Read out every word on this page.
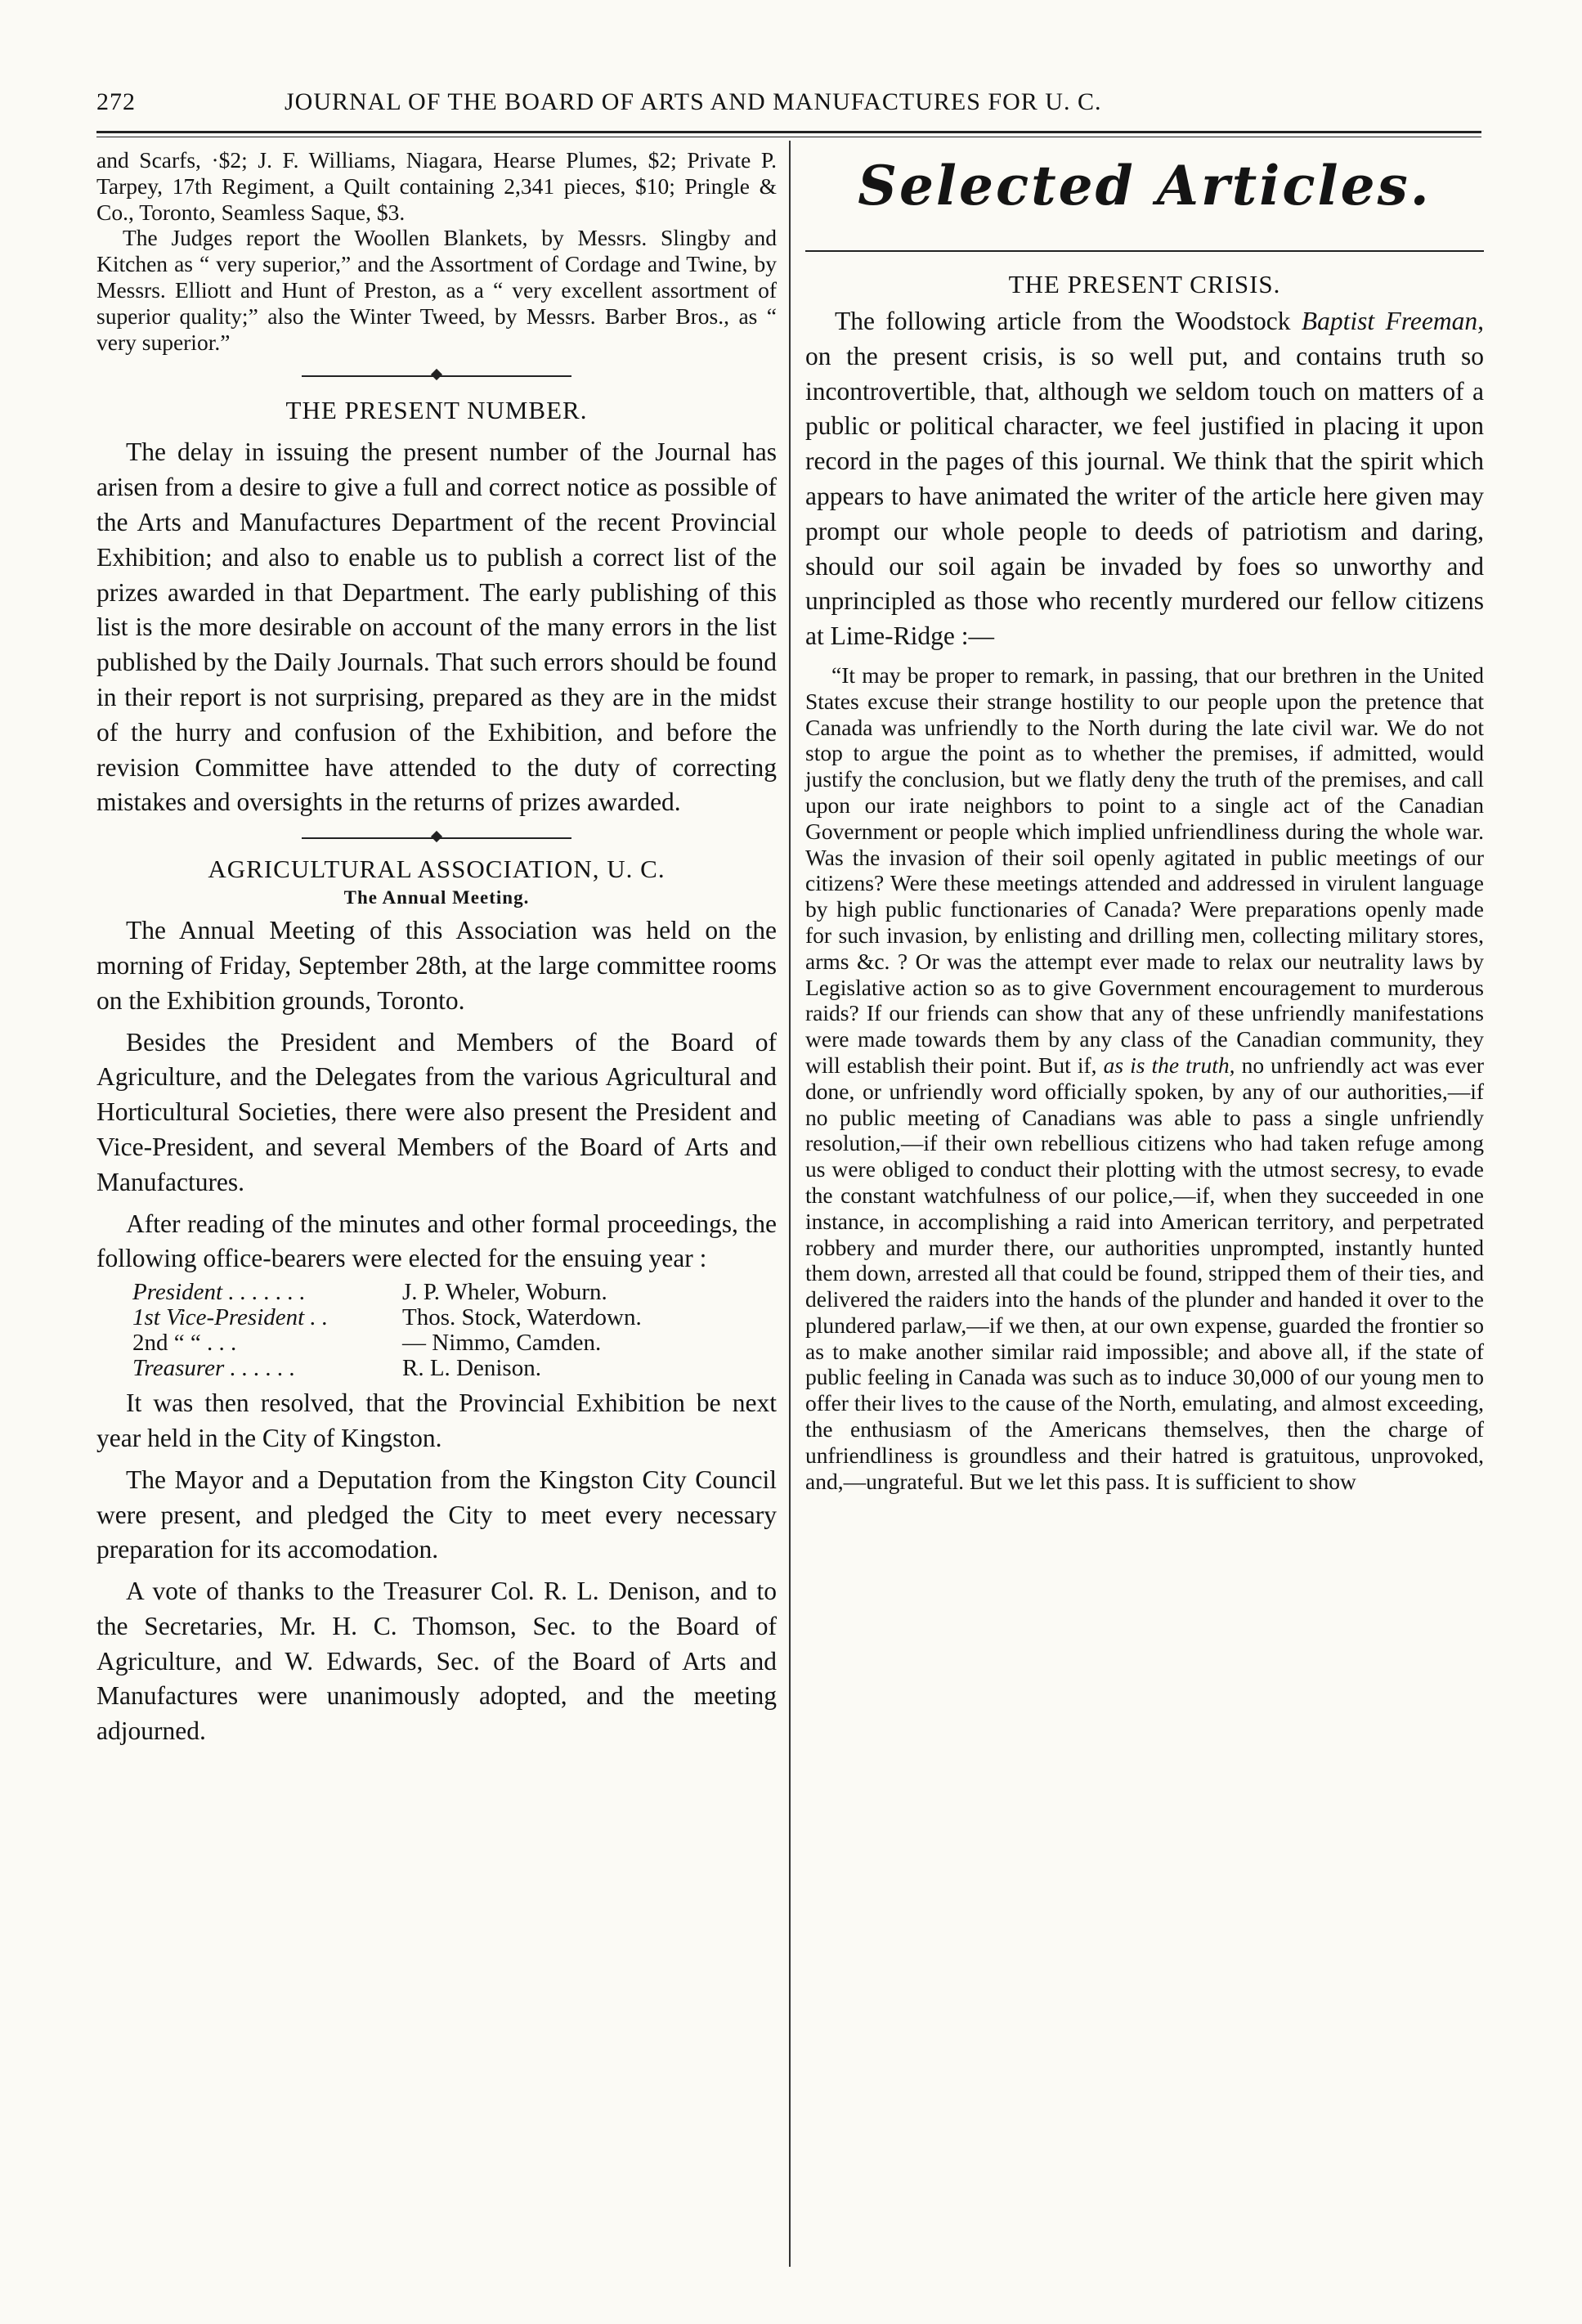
272	JOURNAL OF THE BOARD OF ARTS AND MANUFACTURES FOR U. C.

and Scarfs, ·$2; J. F. Williams, Niagara, Hearse Plumes, $2; Private P. Tarpey, 17th Regiment, a Quilt containing 2,341 pieces, $10; Pringle & Co., Toronto, Seamless Saque, $3.

The Judges report the Woollen Blankets, by Messrs. Slingby and Kitchen as “ very superior,” and the Assortment of Cordage and Twine, by Messrs. Elliott and Hunt of Preston, as a “ very excellent assortment of superior quality;” also the Winter Tweed, by Messrs. Barber Bros., as “ very superior.”

THE PRESENT NUMBER.

The delay in issuing the present number of the Journal has arisen from a desire to give a full and correct notice as possible of the Arts and Manufactures Department of the recent Provincial Exhibition; and also to enable us to publish a correct list of the prizes awarded in that Department. The early publishing of this list is the more desirable on account of the many errors in the list published by the Daily Journals. That such errors should be found in their report is not surprising, prepared as they are in the midst of the hurry and confusion of the Exhibition, and before the revision Committee have attended to the duty of correcting mistakes and oversights in the returns of prizes awarded.

AGRICULTURAL ASSOCIATION, U. C.

The Annual Meeting.

The Annual Meeting of this Association was held on the morning of Friday, September 28th, at the large committee rooms on the Exhibition grounds, Toronto.

Besides the President and Members of the Board of Agriculture, and the Delegates from the various Agricultural and Horticultural Societies, there were also present the President and Vice-President, and several Members of the Board of Arts and Manufactures.

After reading of the minutes and other formal proceedings, the following office-bearers were elected for the ensuing year :

President . . . . . . .	J. P. Wheler, Woburn.
1st Vice-President . .	Thos. Stock, Waterdown.
2nd “ “ . . .	— Nimmo, Camden.
Treasurer . . . . . .	R. L. Denison.

It was then resolved, that the Provincial Exhibition be next year held in the City of Kingston.

The Mayor and a Deputation from the Kingston City Council were present, and pledged the City to meet every necessary preparation for its accomodation.

A vote of thanks to the Treasurer Col. R. L. Denison, and to the Secretaries, Mr. H. C. Thomson, Sec. to the Board of Agriculture, and W. Edwards, Sec. of the Board of Arts and Manufactures were unanimously adopted, and the meeting adjourned.

Selected Articles.

THE PRESENT CRISIS.

The following article from the Woodstock Baptist Freeman, on the present crisis, is so well put, and contains truth so incontrovertible, that, although we seldom touch on matters of a public or political character, we feel justified in placing it upon record in the pages of this journal. We think that the spirit which appears to have animated the writer of the article here given may prompt our whole people to deeds of patriotism and daring, should our soil again be invaded by foes so unworthy and unprincipled as those who recently murdered our fellow citizens at Lime-Ridge :—

“It may be proper to remark, in passing, that our brethren in the United States excuse their strange hostility to our people upon the pretence that Canada was unfriendly to the North during the late civil war. We do not stop to argue the point as to whether the premises, if admitted, would justify the conclusion, but we flatly deny the truth of the premises, and call upon our irate neighbors to point to a single act of the Canadian Government or people which implied unfriendliness during the whole war. Was the invasion of their soil openly agitated in public meetings of our citizens? Were these meetings attended and addressed in virulent language by high public functionaries of Canada? Were preparations openly made for such invasion, by enlisting and drilling men, collecting military stores, arms &c. ? Or was the attempt ever made to relax our neutrality laws by Legislative action so as to give Government encouragement to murderous raids? If our friends can show that any of these unfriendly manifestations were made towards them by any class of the Canadian community, they will establish their point. But if, as is the truth, no unfriendly act was ever done, or unfriendly word officially spoken, by any of our authorities,—if no public meeting of Canadians was able to pass a single unfriendly resolution,—if their own rebellious citizens who had taken refuge among us were obliged to conduct their plotting with the utmost secresy, to evade the constant watchfulness of our police,—if, when they succeeded in one instance, in accomplishing a raid into American territory, and perpetrated robbery and murder there, our authorities unprompted, instantly hunted them down, arrested all that could be found, stripped them of their ties, and delivered the raiders into the hands of the plunder and handed it over to the plundered parlaw,—if we then, at our own expense, guarded the frontier so as to make another similar raid impossible; and above all, if the state of public feeling in Canada was such as to induce 30,000 of our young men to offer their lives to the cause of the North, emulating, and almost exceeding, the enthusiasm of the Americans themselves, then the charge of unfriendliness is groundless and their hatred is gratuitous, unprovoked, and,—ungrateful. But we let this pass. It is sufficient to show
